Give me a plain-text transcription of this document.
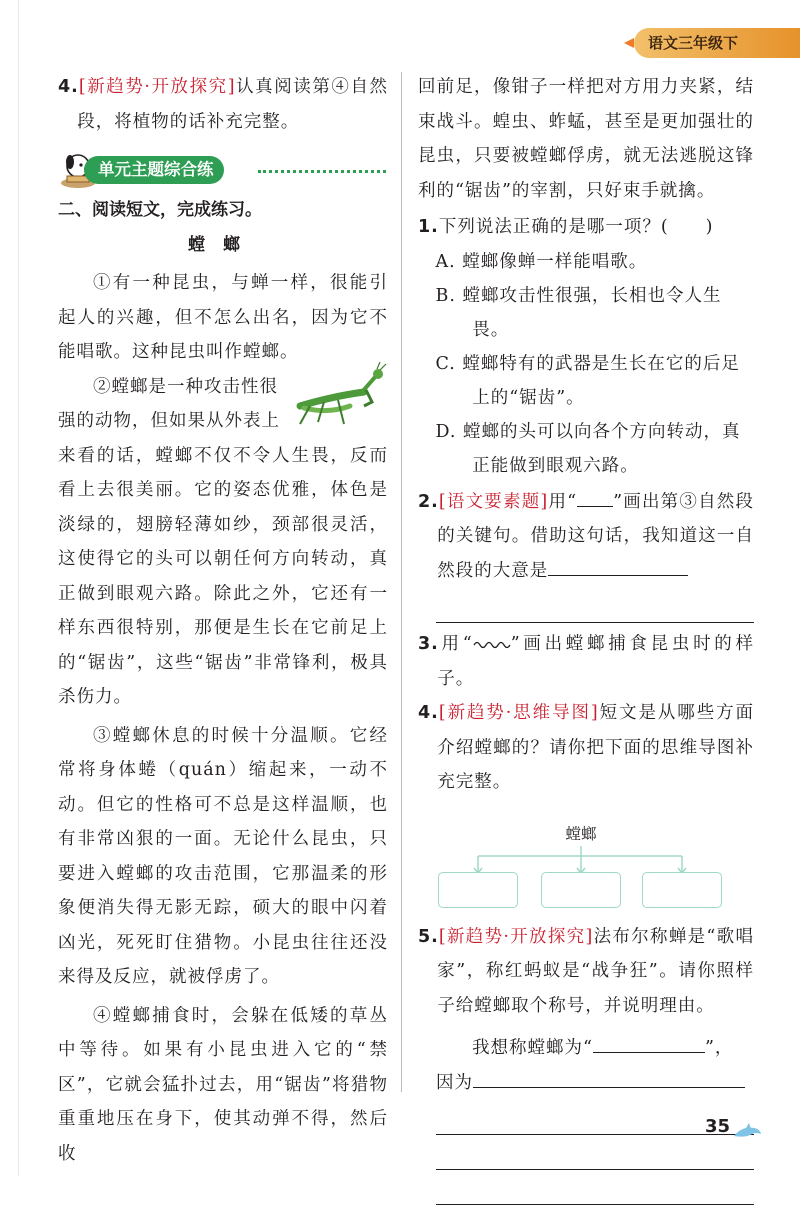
语文三年级下

4.[新趋势·开放探究]认真阅读第④自然段，将植物的话补充完整。

单元主题综合练

二、阅读短文，完成练习。

螳螂

①有一种昆虫，与蝉一样，很能引起人的兴趣，但不怎么出名，因为它不能唱歌。这种昆虫叫作螳螂。

②螳螂是一种攻击性很

强的动物，但如果从外表上

来看的话，螳螂不仅不令人生畏，反而看上去很美丽。它的姿态优雅，体色是淡绿的，翅膀轻薄如纱，颈部很灵活，这使得它的头可以朝任何方向转动，真正做到眼观六路。除此之外，它还有一样东西很特别，那便是生长在它前足上的“锯齿”，这些“锯齿”非常锋利，极具杀伤力。

③螳螂休息的时候十分温顺。它经常将身体蜷（quán）缩起来，一动不动。但它的性格可不总是这样温顺，也有非常凶狠的一面。无论什么昆虫，只要进入螳螂的攻击范围，它那温柔的形象便消失得无影无踪，硕大的眼中闪着凶光，死死盯住猎物。小昆虫往往还没来得及反应，就被俘虏了。

④螳螂捕食时，会躲在低矮的草丛中等待。如果有小昆虫进入它的“禁区”，它就会猛扑过去，用“锯齿”将猎物重重地压在身下，使其动弹不得，然后收

回前足，像钳子一样把对方用力夹紧，结束战斗。蝗虫、蚱蜢，甚至是更加强壮的昆虫，只要被螳螂俘虏，就无法逃脱这锋利的“锯齿”的宰割，只好束手就擒。

1.下列说法正确的是哪一项？(　　)

A. 螳螂像蝉一样能唱歌。

B. 螳螂攻击性很强，长相也令人生畏。

C. 螳螂特有的武器是生长在它的后足上的“锯齿”。

D. 螳螂的头可以向各个方向转动，真正能做到眼观六路。

2.[语文要素题]用“ ”画出第③自然段的关键句。借助这句话，我知道这一自然段的大意是

3.用“ ”画出螳螂捕食昆虫时的样子。

4.[新趋势·思维导图]短文是从哪些方面介绍螳螂的？请你把下面的思维导图补充完整。

螳螂

5.[新趋势·开放探究]法布尔称蝉是“歌唱家”，称红蚂蚁是“战争狂”。请你照样子给螳螂取个称号，并说明理由。

我想称螳螂为“	”，

因为

35
